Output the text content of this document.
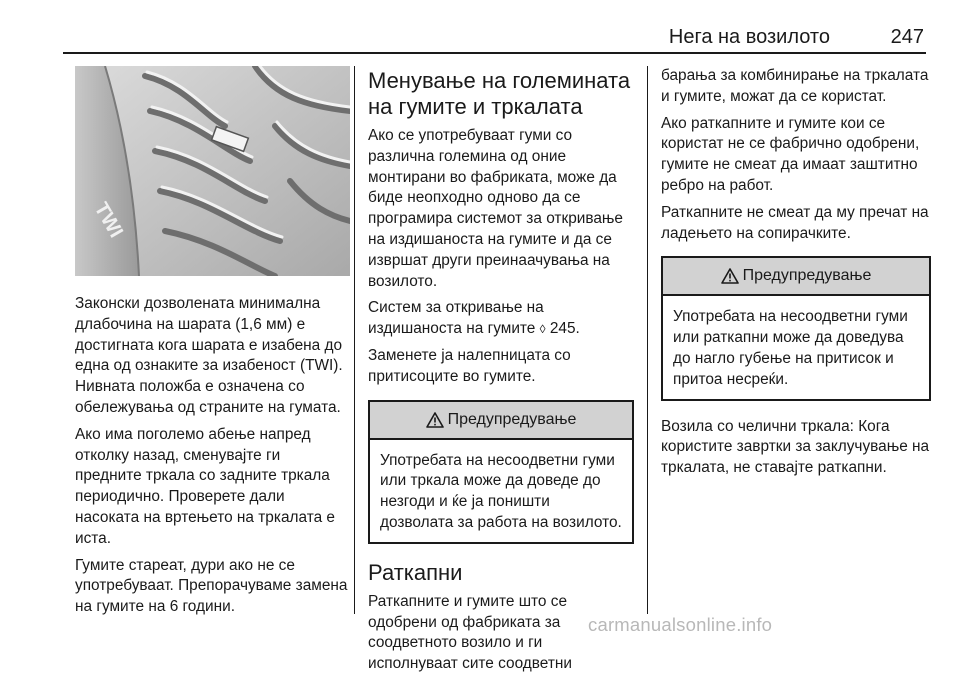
Нега на возилото	247
TWI

Законски дозволената минимална длабочина на шарата (1,6 мм) е достигната кога шарата е изабена до една од ознаките за изабеност (TWI). Нивната положба е означена со обележувања од страните на гумата.

Ако има поголемо абење напред отколку назад, сменувајте ги предните тркала со задните тркала периодично. Проверете дали насоката на вртењето на тркалата е иста.

Гумите стареат, дури ако не се употребуваат. Препорачуваме замена на гумите на 6 години.

Менување на големината на гумите и тркалата

Ако се употребуваат гуми со различна големина од оние монтирани во фабриката, може да биде неопходно одново да се програмира системот за откривање на издишаноста на гумите и да се извршат други преинаачувања на возилото.

Систем за откривање на издишаноста на гумите ◊ 245.

Заменете ја налепницата со притисоците во гумите.

Предупредување

Употребата на несоодветни гуми или тркала може да доведе до незгоди и ќе ја поништи дозволата за работа на возилото.

Раткапни

Раткапните и гумите што се одобрени од фабриката за соодветното возило и ги исполнуваат сите соодветни

барања за комбинирање на тркалата и гумите, можат да се користат.

Ако раткапните и гумите кои се користат не се фабрично одобрени, гумите не смеат да имаат заштитно ребро на работ.

Раткапните не смеат да му пречат на ладењето на сопирачките.

Предупредување

Употребата на несоодветни гуми или раткапни може да доведува до нагло губење на притисок и притоа несреќи.

Возила со челични тркала: Кога користите завртки за заклучување на тркалата, не ставајте раткапни.

carmanualsonline.info
